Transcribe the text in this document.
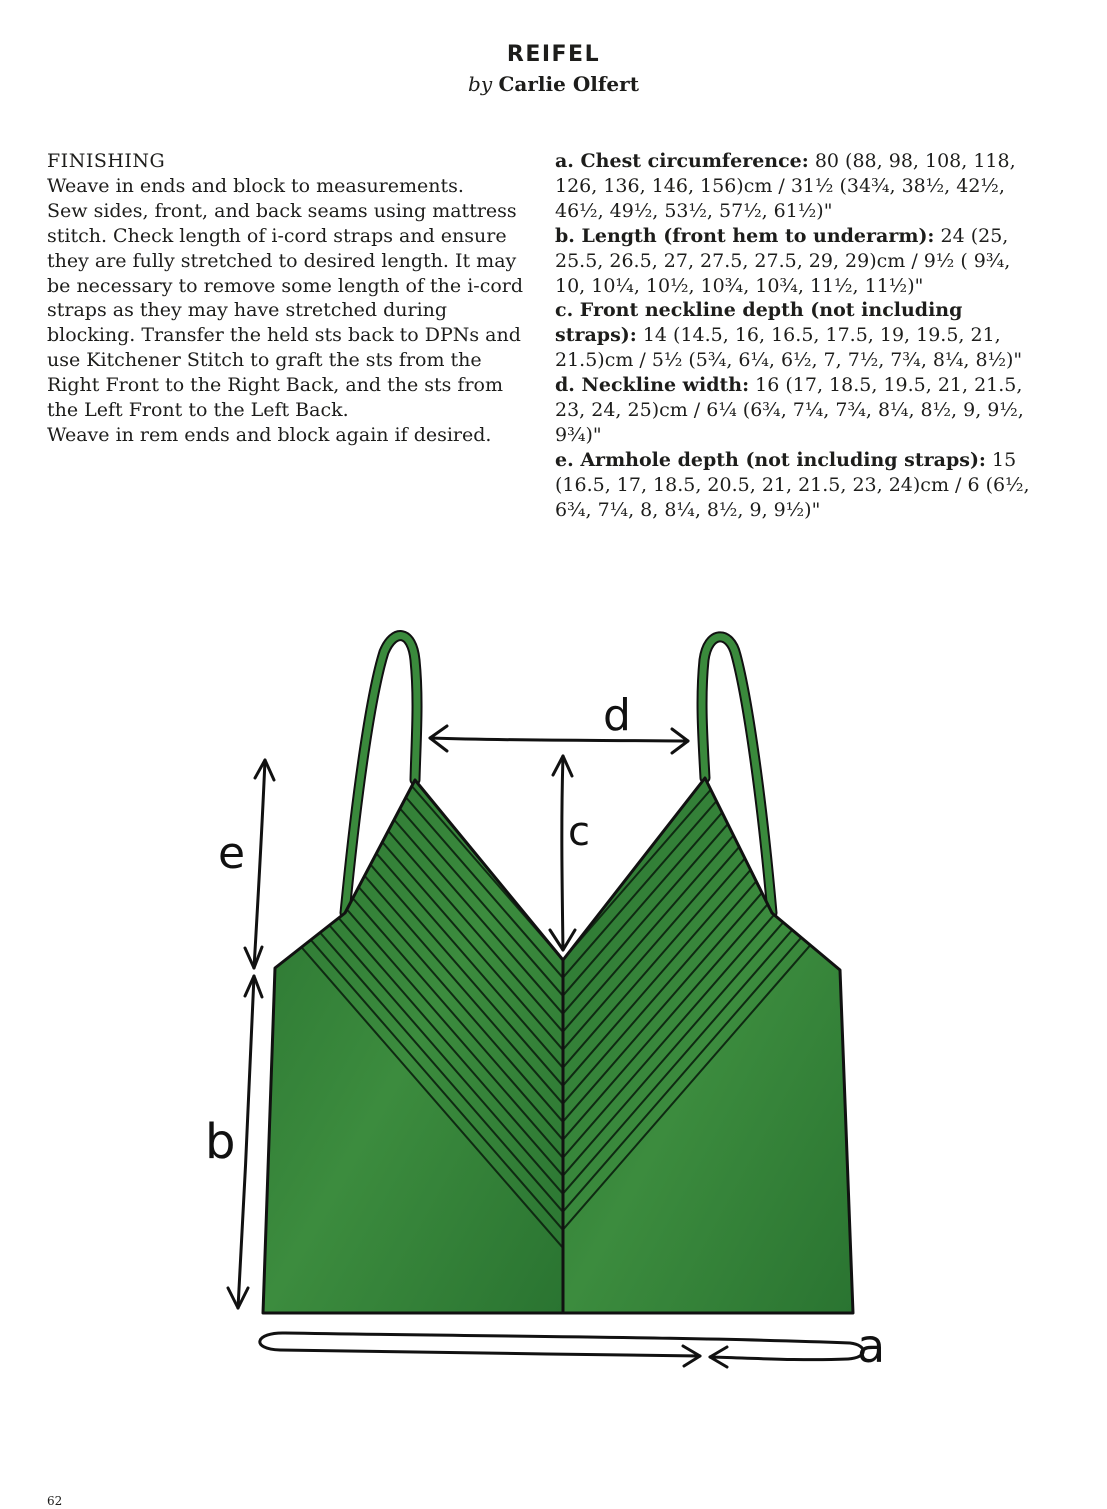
REIFEL
by Carlie Olfert
FINISHING

Weave in ends and block to measurements.

Sew sides, front, and back seams using mattress stitch. Check length of i-cord straps and ensure they are fully stretched to desired length. It may be necessary to remove some length of the i-cord straps as they may have stretched during blocking. Transfer the held sts back to DPNs and use Kitchener Stitch to graft the sts from the Right Front to the Right Back, and the sts from the Left Front to the Left Back.

Weave in rem ends and block again if desired.

a. Chest circumference: 80 (88, 98, 108, 118, 126, 136, 146, 156)cm / 31½ (34¾, 38½, 42½, 46½, 49½, 53½, 57½, 61½)"

b. Length (front hem to underarm): 24 (25, 25.5, 26.5, 27, 27.5, 27.5, 29, 29)cm / 9½ ( 9¾, 10, 10¼, 10½, 10¾, 10¾, 11½, 11½)"

c. Front neckline depth (not including straps): 14 (14.5, 16, 16.5, 17.5, 19, 19.5, 21, 21.5)cm / 5½ (5¾, 6¼, 6½, 7, 7½, 7¾, 8¼, 8½)"

d. Neckline width: 16 (17, 18.5, 19.5, 21, 21.5, 23, 24, 25)cm / 6¼ (6¾, 7¼, 7¾, 8¼, 8½, 9, 9½, 9¾)"

e. Armhole depth (not including straps): 15 (16.5, 17, 18.5, 20.5, 21, 21.5, 23, 24)cm / 6 (6½, 6¾, 7¼, 8, 8¼, 8½, 9, 9½)"

d
c
e
b
a
62
